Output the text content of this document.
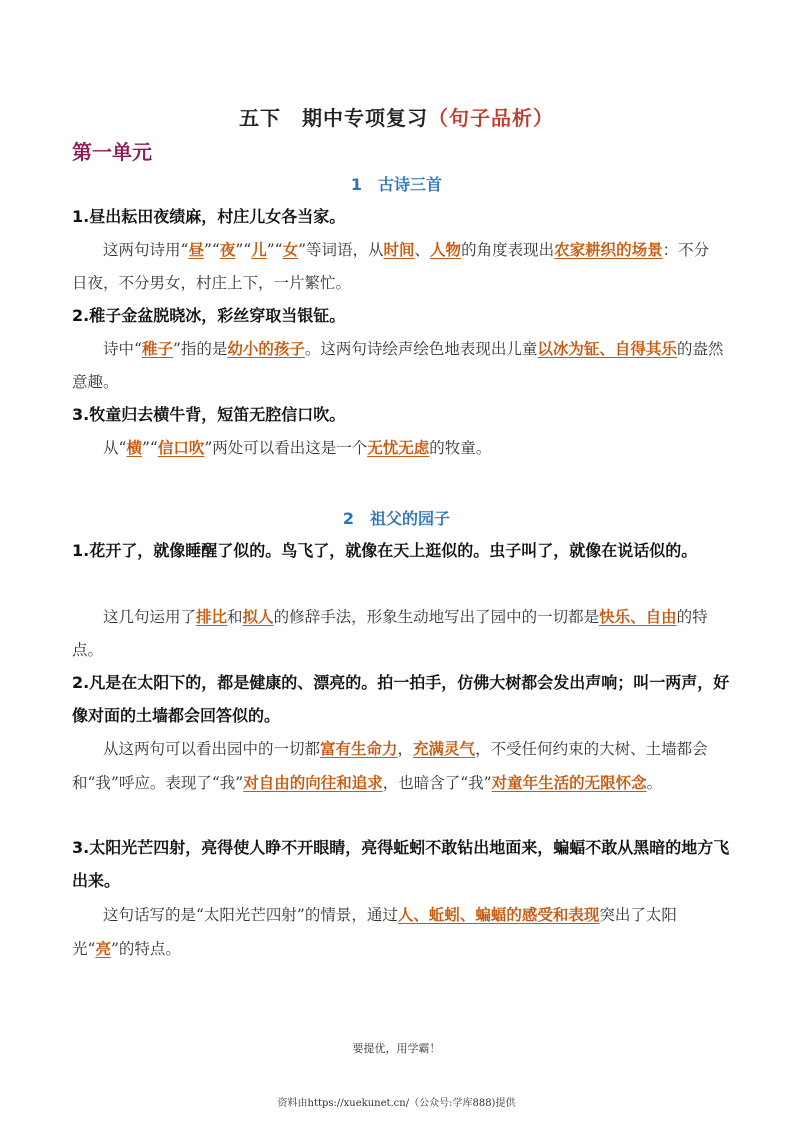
五下　期中专项复习（句子品析）
第一单元
1　古诗三首
1.昼出耘田夜绩麻，村庄儿女各当家。
这两句诗用“昼”“夜”“儿”“女”等词语，从时间、人物的角度表现出农家耕织的场景：不分日夜，不分男女，村庄上下，一片繁忙。
2.稚子金盆脱晓冰，彩丝穿取当银钲。
诗中“稚子”指的是幼小的孩子。这两句诗绘声绘色地表现出儿童以冰为钲、自得其乐的盎然意趣。
3.牧童归去横牛背，短笛无腔信口吹。
从“横”“信口吹”两处可以看出这是一个无忧无虑的牧童。
2　祖父的园子
1.花开了，就像睡醒了似的。鸟飞了，就像在天上逛似的。虫子叫了，就像在说话似的。
这几句运用了排比和拟人的修辞手法，形象生动地写出了园中的一切都是快乐、自由的特点。
2.凡是在太阳下的，都是健康的、漂亮的。拍一拍手，仿佛大树都会发出声响；叫一两声，好像对面的土墙都会回答似的。
从这两句可以看出园中的一切都富有生命力，充满灵气，不受任何约束的大树、土墙都会和“我”呼应。表现了“我”对自由的向往和追求，也暗含了“我”对童年生活的无限怀念。
3.太阳光芒四射，亮得使人睁不开眼睛，亮得蚯蚓不敢钻出地面来，蝙蝠不敢从黑暗的地方飞出来。
这句话写的是“太阳光芒四射”的情景，通过人、蚯蚓、蝙蝠的感受和表现突出了太阳光“亮”的特点。
要提优，用学霸！
资料由https://xuekunet.cn/（公众号:学库888)提供
